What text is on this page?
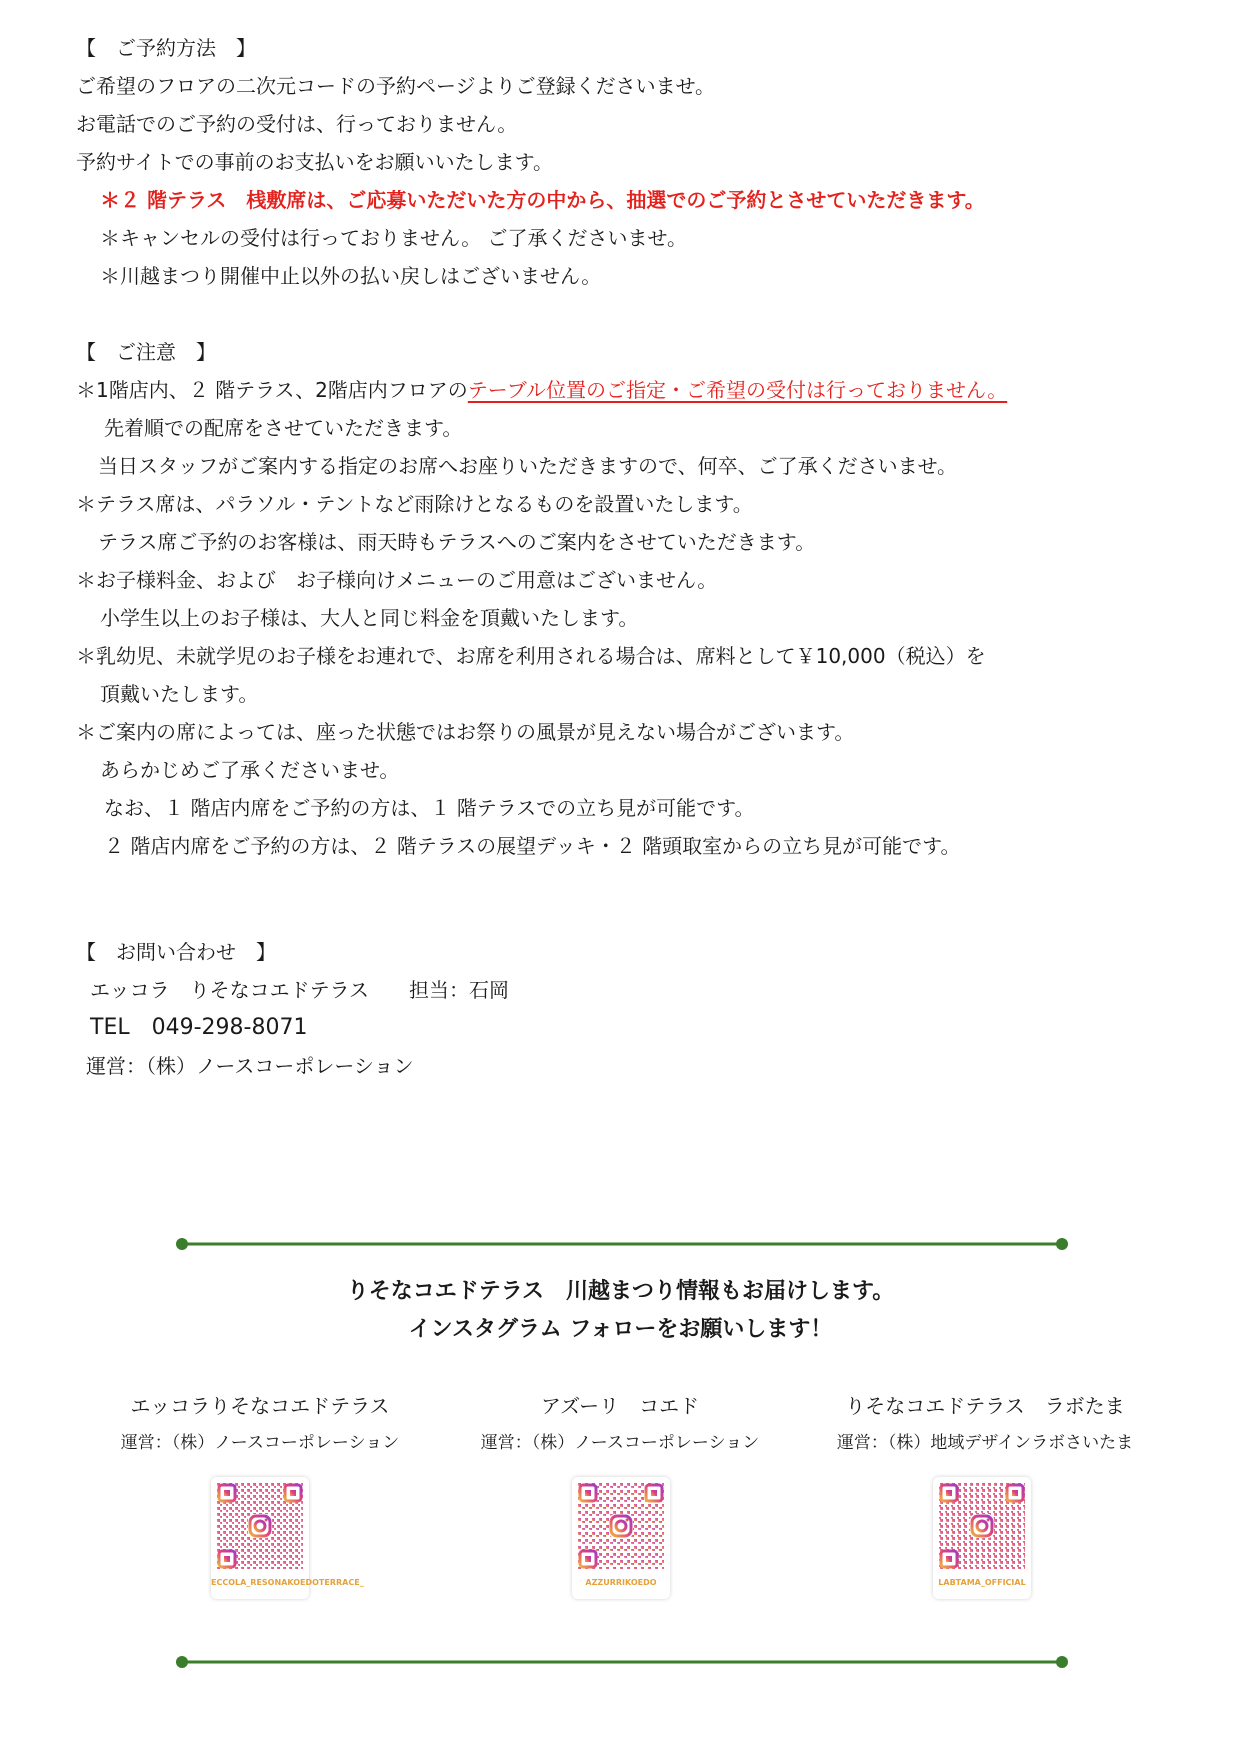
【　ご予約方法　】
ご希望のフロアの二次元コードの予約ページよりご登録くださいませ。
お電話でのご予約の受付は、行っておりません。
予約サイトでの事前のお支払いをお願いいたします。
＊２ 階テラス　桟敷席は、ご応募いただいた方の中から、抽選でのご予約とさせていただきます。
＊キャンセルの受付は行っておりません。 ご了承くださいませ。
＊川越まつり開催中止以外の払い戻しはございません。
【　ご注意　】
＊1階店内、２ 階テラス、2階店内フロアのテーブル位置のご指定・ご希望の受付は行っておりません。
先着順での配席をさせていただきます。
当日スタッフがご案内する指定のお席へお座りいただきますので、何卒、ご了承くださいませ。
＊テラス席は、パラソル・テントなど雨除けとなるものを設置いたします。
テラス席ご予約のお客様は、雨天時もテラスへのご案内をさせていただきます。
＊お子様料金、および　お子様向けメニューのご用意はございません。
小学生以上のお子様は、大人と同じ料金を頂戴いたします。
＊乳幼児、未就学児のお子様をお連れで、お席を利用される場合は、席料として￥10,000（税込）を
頂戴いたします。
＊ご案内の席によっては、座った状態ではお祭りの風景が見えない場合がございます。
あらかじめご了承くださいませ。
なお、１ 階店内席をご予約の方は、１ 階テラスでの立ち見が可能です。
２ 階店内席をご予約の方は、２ 階テラスの展望デッキ・２ 階頭取室からの立ち見が可能です。
【　お問い合わせ　】
エッコラ　りそなコエドテラス　　担当：石岡
TEL　049-298-8071
運営：（株）ノースコーポレーション
りそなコエドテラス　川越まつり情報もお届けします。
インスタグラム フォローをお願いします！
エッコラりそなコエドテラス
運営：（株）ノースコーポレーション
アズーリ　コエド
運営：（株）ノースコーポレーション
りそなコエドテラス　ラボたま
運営：（株）地域デザインラボさいたま
ECCOLA_RESONAKOEDOTERRACE_	AZZURRIKOEDO	LABTAMA_OFFICIAL
